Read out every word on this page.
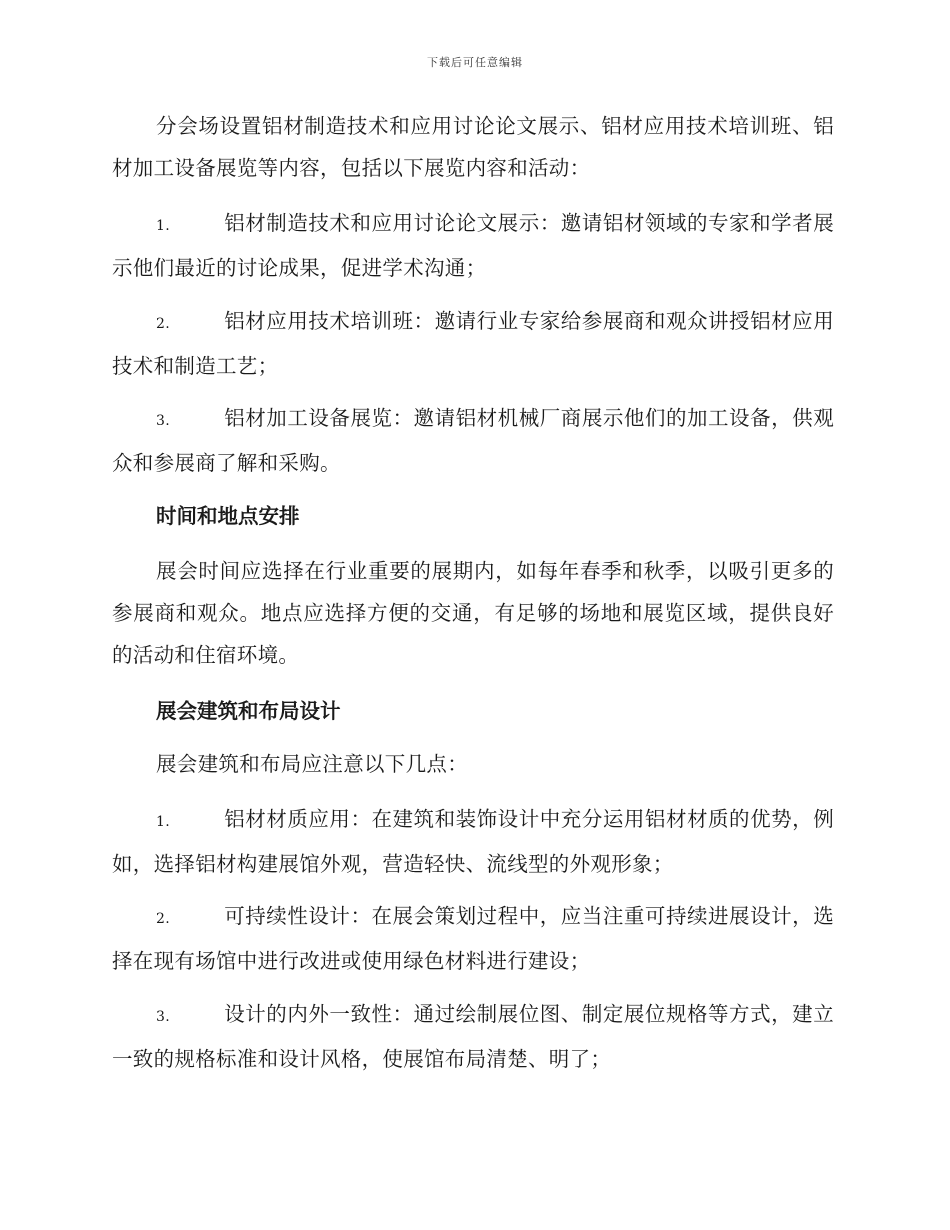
下载后可任意编辑

分会场设置铝材制造技术和应用讨论论文展示、铝材应用技术培训班、铝材加工设备展览等内容，包括以下展览内容和活动：

1.	铝材制造技术和应用讨论论文展示：邀请铝材领域的专家和学者展示他们最近的讨论成果，促进学术沟通；

2.	铝材应用技术培训班：邀请行业专家给参展商和观众讲授铝材应用技术和制造工艺；

3.	铝材加工设备展览：邀请铝材机械厂商展示他们的加工设备，供观众和参展商了解和采购。

时间和地点安排

展会时间应选择在行业重要的展期内，如每年春季和秋季，以吸引更多的参展商和观众。地点应选择方便的交通，有足够的场地和展览区域，提供良好的活动和住宿环境。

展会建筑和布局设计

展会建筑和布局应注意以下几点：

1.	铝材材质应用：在建筑和装饰设计中充分运用铝材材质的优势，例如，选择铝材构建展馆外观，营造轻快、流线型的外观形象；

2.	可持续性设计：在展会策划过程中，应当注重可持续进展设计，选择在现有场馆中进行改进或使用绿色材料进行建设；

3.	设计的内外一致性：通过绘制展位图、制定展位规格等方式，建立一致的规格标准和设计风格，使展馆布局清楚、明了；
